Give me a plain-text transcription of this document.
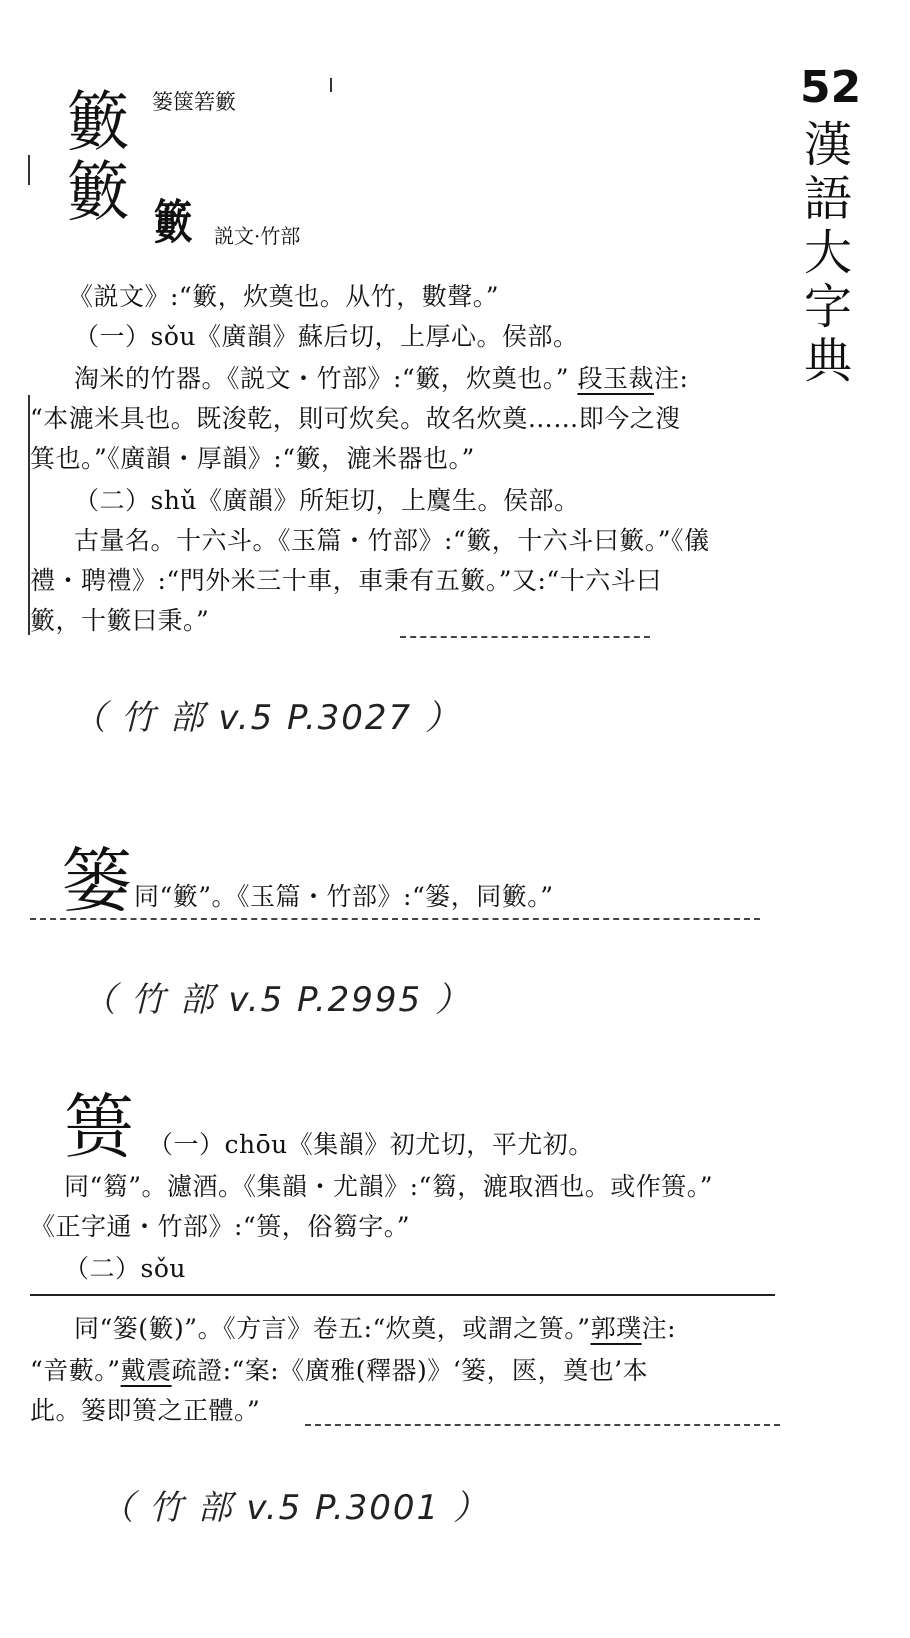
52
漢
語
大
字
典
籔 篓箧箬籔
籔 籔 説文·竹部
《説文》:“籔，炊奠也。从竹，數聲。”
（一）sǒu《廣韻》蘇后切，上厚心。侯部。
淘米的竹器。《説文・竹部》:“籔，炊奠也。” 段玉裁注:
“本漉米具也。既浚乾，則可炊矣。故名炊奠……即今之溲
箕也。”《廣韻・厚韻》:“籔，漉米器也。”
（二）shǔ《廣韻》所矩切，上麌生。侯部。
古量名。十六斗。《玉篇・竹部》:“籔，十六斗曰籔。”《儀
禮・聘禮》:“門外米三十車，車秉有五籔。”又:“十六斗曰
籔，十籔曰秉。”
（ 竹 部 v.5 P.3027 ）
篓 同“籔”。《玉篇・竹部》:“篓，同籔。”
（ 竹 部 v.5 P.2995 ）
篑 （一）chōu《集韻》初尤切，平尤初。
同“篘”。濾酒。《集韻・尤韻》:“篘，漉取酒也。或作篑。”
《正字通・竹部》:“篑，俗篘字。”
（二）sǒu
同“篓(籔)”。《方言》卷五:“炊奠，或謂之篑。”郭璞注:
“音藪。”戴震疏證:“案:《廣雅(釋器)》‘篓，匧，奠也’本
此。篓即篑之正體。”
（ 竹 部 v.5 P.3001 ）
